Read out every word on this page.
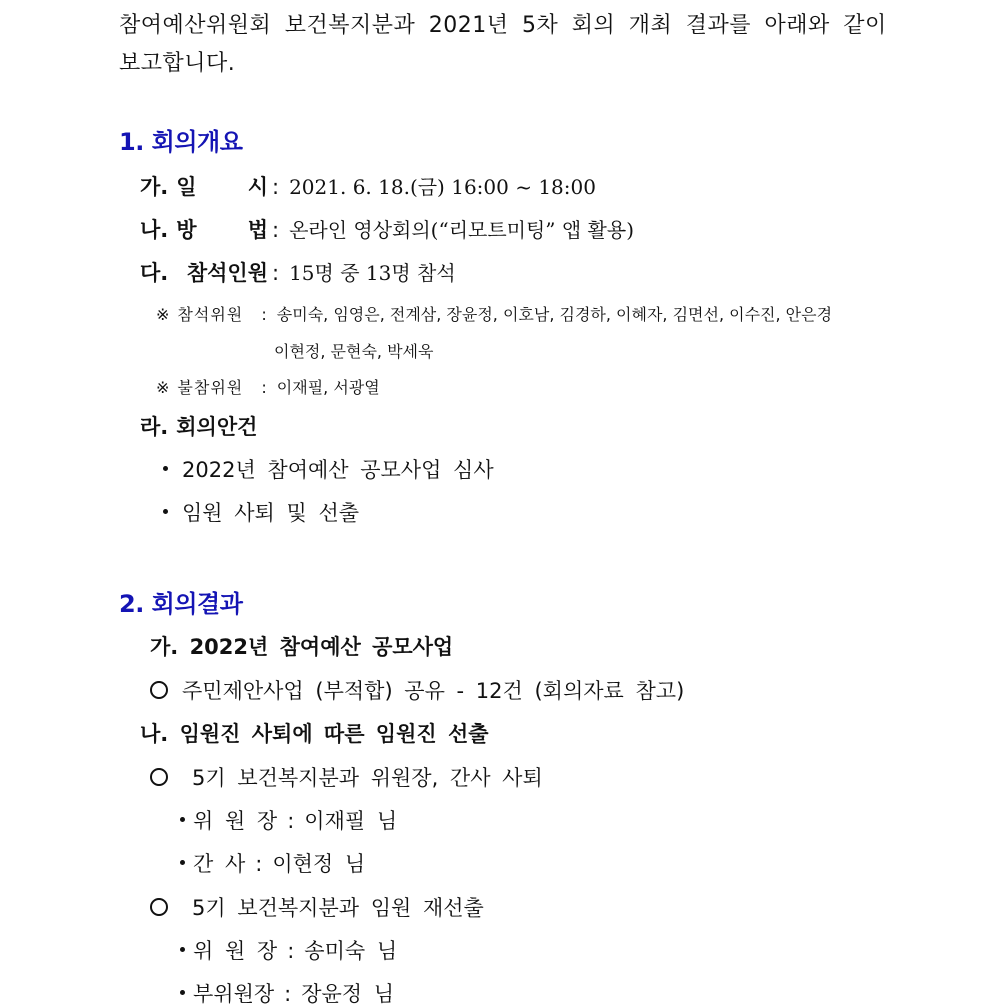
참여예산위원회 보건복지분과 2021년 5차 회의 개최 결과를 아래와 같이
보고합니다.
1. 회의개요
가. 일 시 : 2021. 6. 18.(금) 16:00 ~ 18:00
나. 방 법 : 온라인 영상회의(“리모트미팅” 앱 활용)
다. 참석인원 : 15명 중 13명 참석
※ 참석위원	: 송미숙, 임영은, 전계삼, 장윤정, 이호남, 김경하, 이혜자, 김면선, 이수진, 안은경
이현정, 문현숙, 박세욱
※ 불참위원	: 이재필, 서광열
라. 회의안건
2022년 참여예산 공모사업 심사
임원 사퇴 및 선출
2. 회의결과
가. 2022년 참여예산 공모사업
주민제안사업 (부적합) 공유 - 12건 (회의자료 참고)
나. 임원진 사퇴에 따른 임원진 선출
5기 보건복지분과 위원장, 간사 사퇴
위 원 장 : 이재필 님
간 사 : 이현정 님
5기 보건복지분과 임원 재선출
위 원 장 : 송미숙 님
부위원장 : 장윤정 님
